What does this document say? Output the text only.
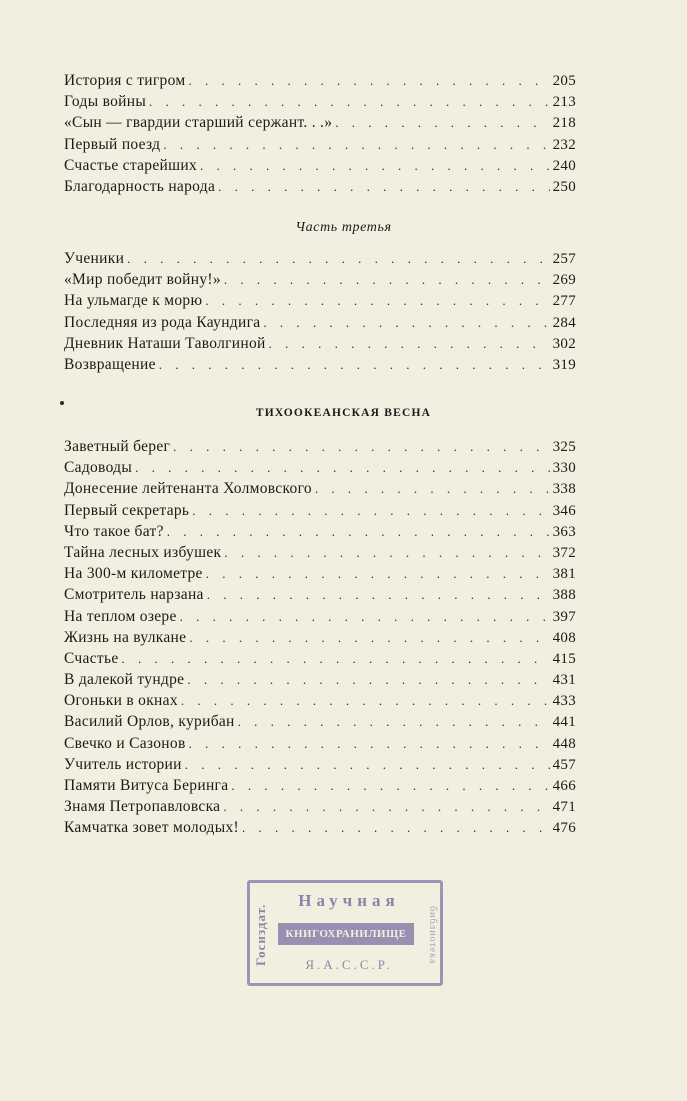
История с тигром . . .	205
Годы войны . . .	213
«Сын — гвардии старший сержант. . .» . . .	218
Первый поезд . . .	232
Счастье старейших . . .	240
Благодарность народа . . .	250
Часть третья
Ученики . . .	257
«Мир победит войну!» . . .	269
На ульмагде к морю . . .	277
Последняя из рода Каундига . . .	284
Дневник Наташи Таволгиной . . .	302
Возвращение . . .	319
ТИХООКЕАНСКАЯ ВЕСНА
Заветный берег . . .	325
Садоводы . . .	330
Донесение лейтенанта Холмовского . . .	338
Первый секретарь . . .	346
Что такое бат? . . .	363
Тайна лесных избушек . . .	372
На 300-м километре . . .	381
Смотритель нарзана . . .	388
На теплом озере . . .	397
Жизнь на вулкане . . .	408
Счастье . . .	415
В далекой тундре . . .	431
Огоньки в окнах . . .	433
Василий Орлов, курибан . . .	441
Свечко и Сазонов . . .	448
Учитель истории . . .	457
Памяти Витуса Беринга . . .	466
Знамя Петропавловска . . .	471
Камчатка зовет молодых! . . .	476
Госиздат.
Научная
КНИГОХРАНИЛИЩЕ
Я.А.С.С.Р.
библиотека
